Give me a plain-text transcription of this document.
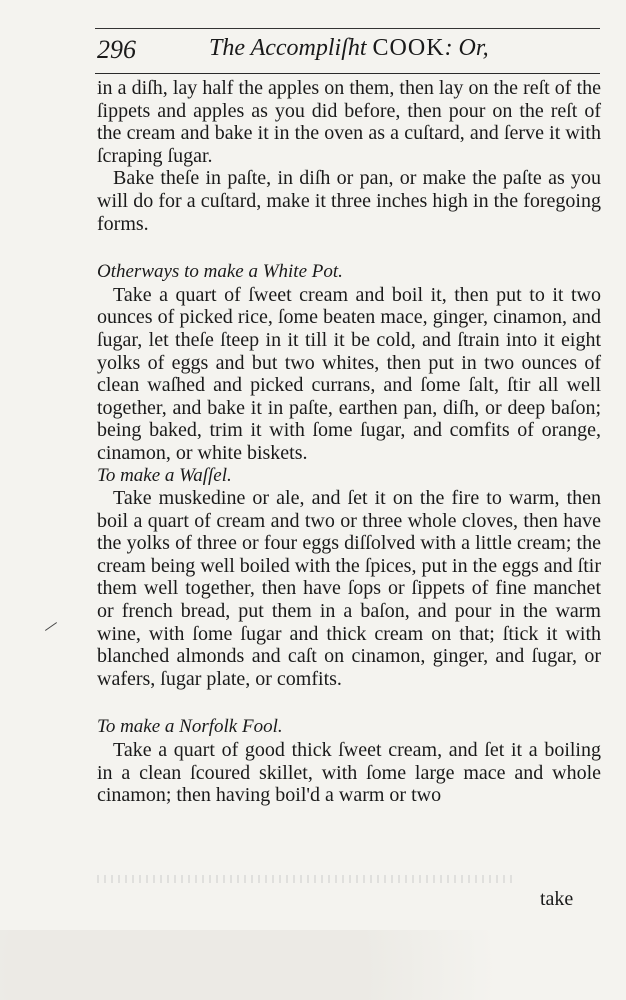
296	The Accompliſht COOK: Or,

in a diſh, lay half the apples on them, then lay on the reſt of the ſippets and apples as you did before, then pour on the reſt of the cream and bake it in the oven as a cuſtard, and ſerve it with ſcraping ſugar.

Bake theſe in paſte, in diſh or pan, or make the paſte as you will do for a cuſtard, make it three inches high in the foregoing forms.

Otherways to make a White Pot.

Take a quart of ſweet cream and boil it, then put to it two ounces of picked rice, ſome beaten mace, ginger, cinamon, and ſugar, let theſe ſteep in it till it be cold, and ſtrain into it eight yolks of eggs and but two whites, then put in two ounces of clean waſhed and picked currans, and ſome ſalt, ſtir all well together, and bake it in paſte, earthen pan, diſh, or deep baſon; being baked, trim it with ſome ſugar, and comfits of orange, cinamon, or white biskets.

To make a Waſſel.

Take muskedine or ale, and ſet it on the fire to warm, then boil a quart of cream and two or three whole cloves, then have the yolks of three or four eggs diſſolved with a little cream; the cream being well boiled with the ſpices, put in the eggs and ſtir them well together, then have ſops or ſippets of fine manchet or french bread, put them in a baſon, and pour in the warm wine, with ſome ſugar and thick cream on that; ſtick it with blanched almonds and caſt on cinamon, ginger, and ſugar, or wafers, ſugar plate, or comfits.

To make a Norfolk Fool.

Take a quart of good thick ſweet cream, and ſet it a boiling in a clean ſcoured skillet, with ſome large mace and whole cinamon; then having boil'd a warm or two

take
